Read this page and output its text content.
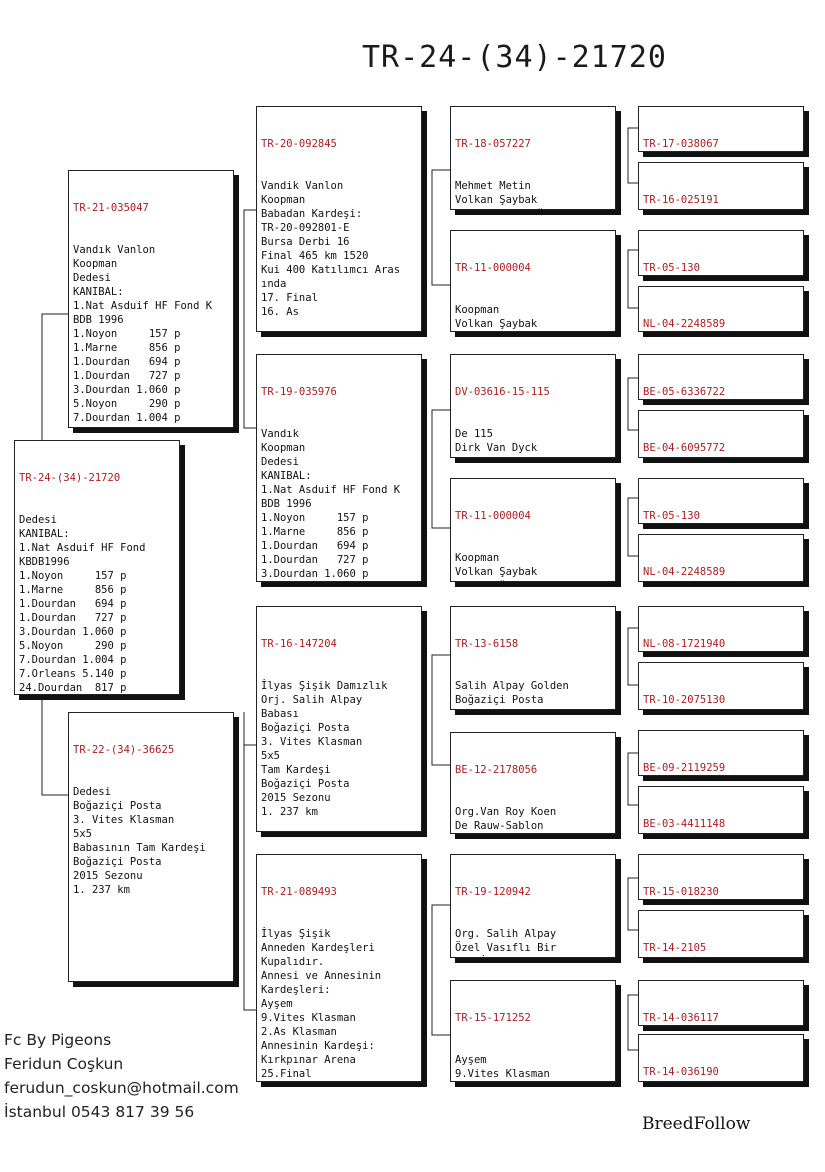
TR-24-(34)-21720

TR-24-(34)-21720

Dedesi
KANIBAL:
1.Nat Asduif HF Fond
KBDB1996
1.Noyon     157 p
1.Marne     856 p
1.Dourdan   694 p
1.Dourdan   727 p
3.Dourdan 1.060 p
5.Noyon     290 p
7.Dourdan 1.004 p
7.Orleans 5.140 p
24.Dourdan  817 p

TR-21-035047

Vandık Vanlon
Koopman
Dedesi
KANIBAL:
1.Nat Asduif HF Fond K
BDB 1996
1.Noyon     157 p
1.Marne     856 p
1.Dourdan   694 p
1.Dourdan   727 p
3.Dourdan 1.060 p
5.Noyon     290 p
7.Dourdan 1.004 p

TR-22-(34)-36625

Dedesi
Boğaziçi Posta
3. Vites Klasman
5x5
Babasının Tam Kardeşi
Boğaziçi Posta
2015 Sezonu
1. 237 km

TR-20-092845

Vandik Vanlon
Koopman
Babadan Kardeşi:
TR-20-092801-E
Bursa Derbi 16
Final 465 km 1520
Kui 400 Katılımcı Aras
ında
17. Final
16. As

TR-19-035976

Vandık
Koopman
Dedesi
KANIBAL:
1.Nat Asduif HF Fond K
BDB 1996
1.Noyon     157 p
1.Marne     856 p
1.Dourdan   694 p
1.Dourdan   727 p
3.Dourdan 1.060 p

TR-16-147204

İlyas Şişik Damızlık
Orj. Salih Alpay
Babası
Boğaziçi Posta
3. Vites Klasman
5x5
Tam Kardeşi
Boğaziçi Posta
2015 Sezonu
1. 237 km

TR-21-089493

İlyas Şişik
Anneden Kardeşleri
Kupalıdır.
Annesi ve Annesinin
Kardeşleri:
Ayşem
9.Vites Klasman
2.As Klasman
Annesinin Kardeşi:
Kırkpınar Arena
25.Final

TR-18-057227

Mehmet Metin
Volkan Şaybak

TR-11-000004

Koopman
Volkan Şaybak

DV-03616-15-115

De 115
Dirk Van Dyck

TR-11-000004

Koopman
Volkan Şaybak

TR-13-6158

Salih Alpay Golden
Boğaziçi Posta

BE-12-2178056

Org.Van Roy Koen
De Rauw-Sablon

TR-19-120942

Org. Salih Alpay
Özel Vasıflı Bir

TR-15-171252

Ayşem
9.Vites Klasman

TR-17-038067

TR-16-025191

TR-05-130

NL-04-2248589

BE-05-6336722

BE-04-6095772

TR-05-130

NL-04-2248589

NL-08-1721940

TR-10-2075130

BE-09-2119259

BE-03-4411148

TR-15-018230

TR-14-2105

TR-14-036117

TR-14-036190

Fc By Pigeons
Feridun Coşkun
ferudun_coskun@hotmail.com
İstanbul 0543 817 39 56
BreedFollow
